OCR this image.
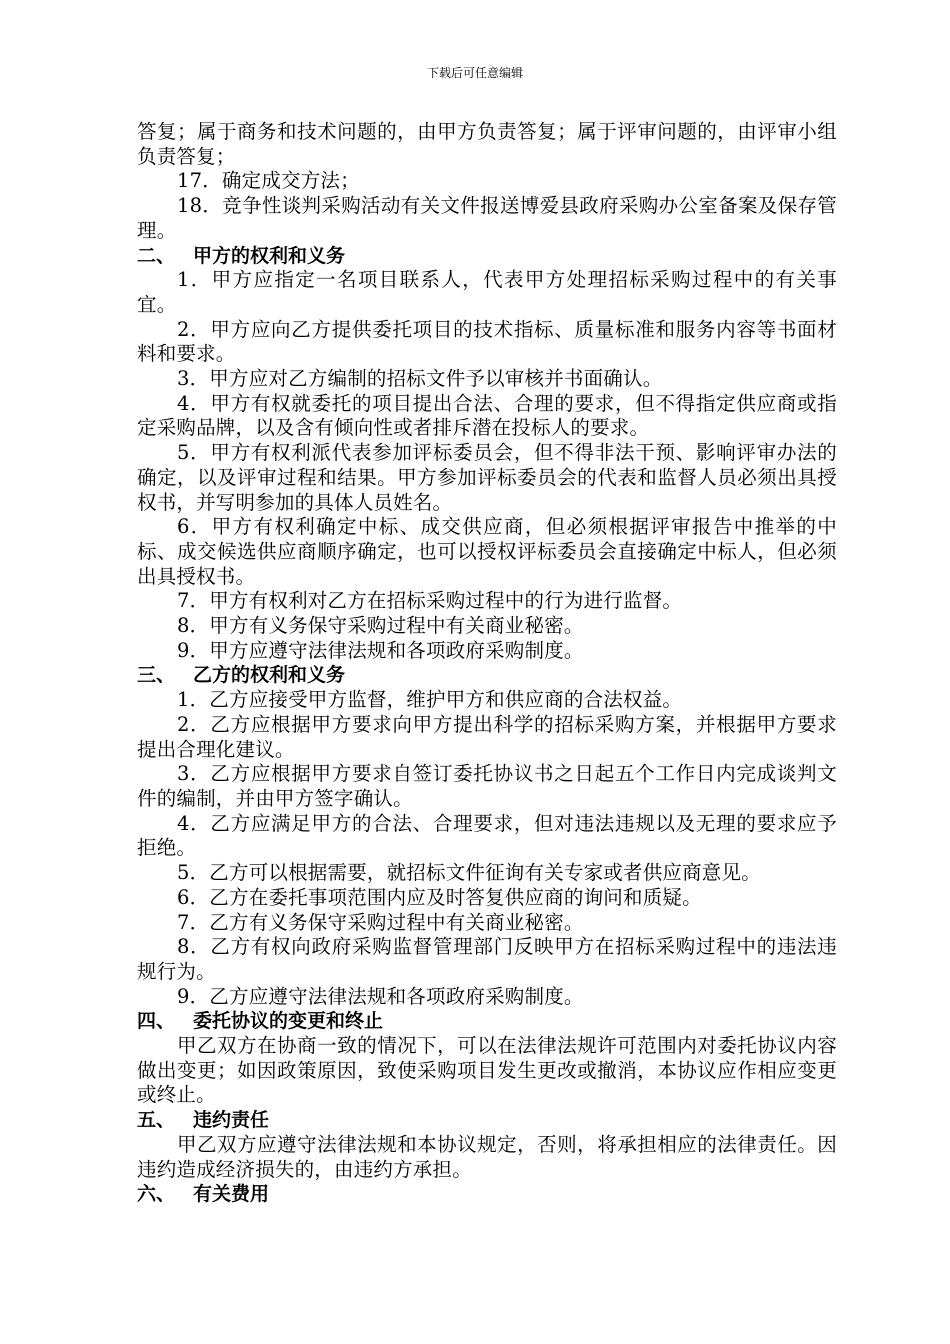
下载后可任意编辑

答复；属于商务和技术问题的，由甲方负责答复；属于评审问题的，由评审小组负责答复；

17．确定成交方法；

18．竞争性谈判采购活动有关文件报送博爱县政府采购办公室备案及保存管理。

二、 甲方的权利和义务

1．甲方应指定一名项目联系人，代表甲方处理招标采购过程中的有关事宜。

2．甲方应向乙方提供委托项目的技术指标、质量标准和服务内容等书面材料和要求。

3．甲方应对乙方编制的招标文件予以审核并书面确认。

4．甲方有权就委托的项目提出合法、合理的要求，但不得指定供应商或指定采购品牌，以及含有倾向性或者排斥潜在投标人的要求。

5．甲方有权利派代表参加评标委员会，但不得非法干预、影响评审办法的确定，以及评审过程和结果。甲方参加评标委员会的代表和监督人员必须出具授权书，并写明参加的具体人员姓名。

6．甲方有权利确定中标、成交供应商，但必须根据评审报告中推举的中标、成交候选供应商顺序确定，也可以授权评标委员会直接确定中标人，但必须出具授权书。

7．甲方有权利对乙方在招标采购过程中的行为进行监督。

8．甲方有义务保守采购过程中有关商业秘密。

9．甲方应遵守法律法规和各项政府采购制度。

三、 乙方的权利和义务

1．乙方应接受甲方监督，维护甲方和供应商的合法权益。

2．乙方应根据甲方要求向甲方提出科学的招标采购方案，并根据甲方要求提出合理化建议。

3．乙方应根据甲方要求自签订委托协议书之日起五个工作日内完成谈判文件的编制，并由甲方签字确认。

4．乙方应满足甲方的合法、合理要求，但对违法违规以及无理的要求应予拒绝。

5．乙方可以根据需要，就招标文件征询有关专家或者供应商意见。

6．乙方在委托事项范围内应及时答复供应商的询问和质疑。

7．乙方有义务保守采购过程中有关商业秘密。

8．乙方有权向政府采购监督管理部门反映甲方在招标采购过程中的违法违规行为。

9．乙方应遵守法律法规和各项政府采购制度。

四、 委托协议的变更和终止

甲乙双方在协商一致的情况下，可以在法律法规许可范围内对委托协议内容做出变更；如因政策原因，致使采购项目发生更改或撤消，本协议应作相应变更或终止。

五、 违约责任

甲乙双方应遵守法律法规和本协议规定，否则，将承担相应的法律责任。因违约造成经济损失的，由违约方承担。

六、 有关费用
